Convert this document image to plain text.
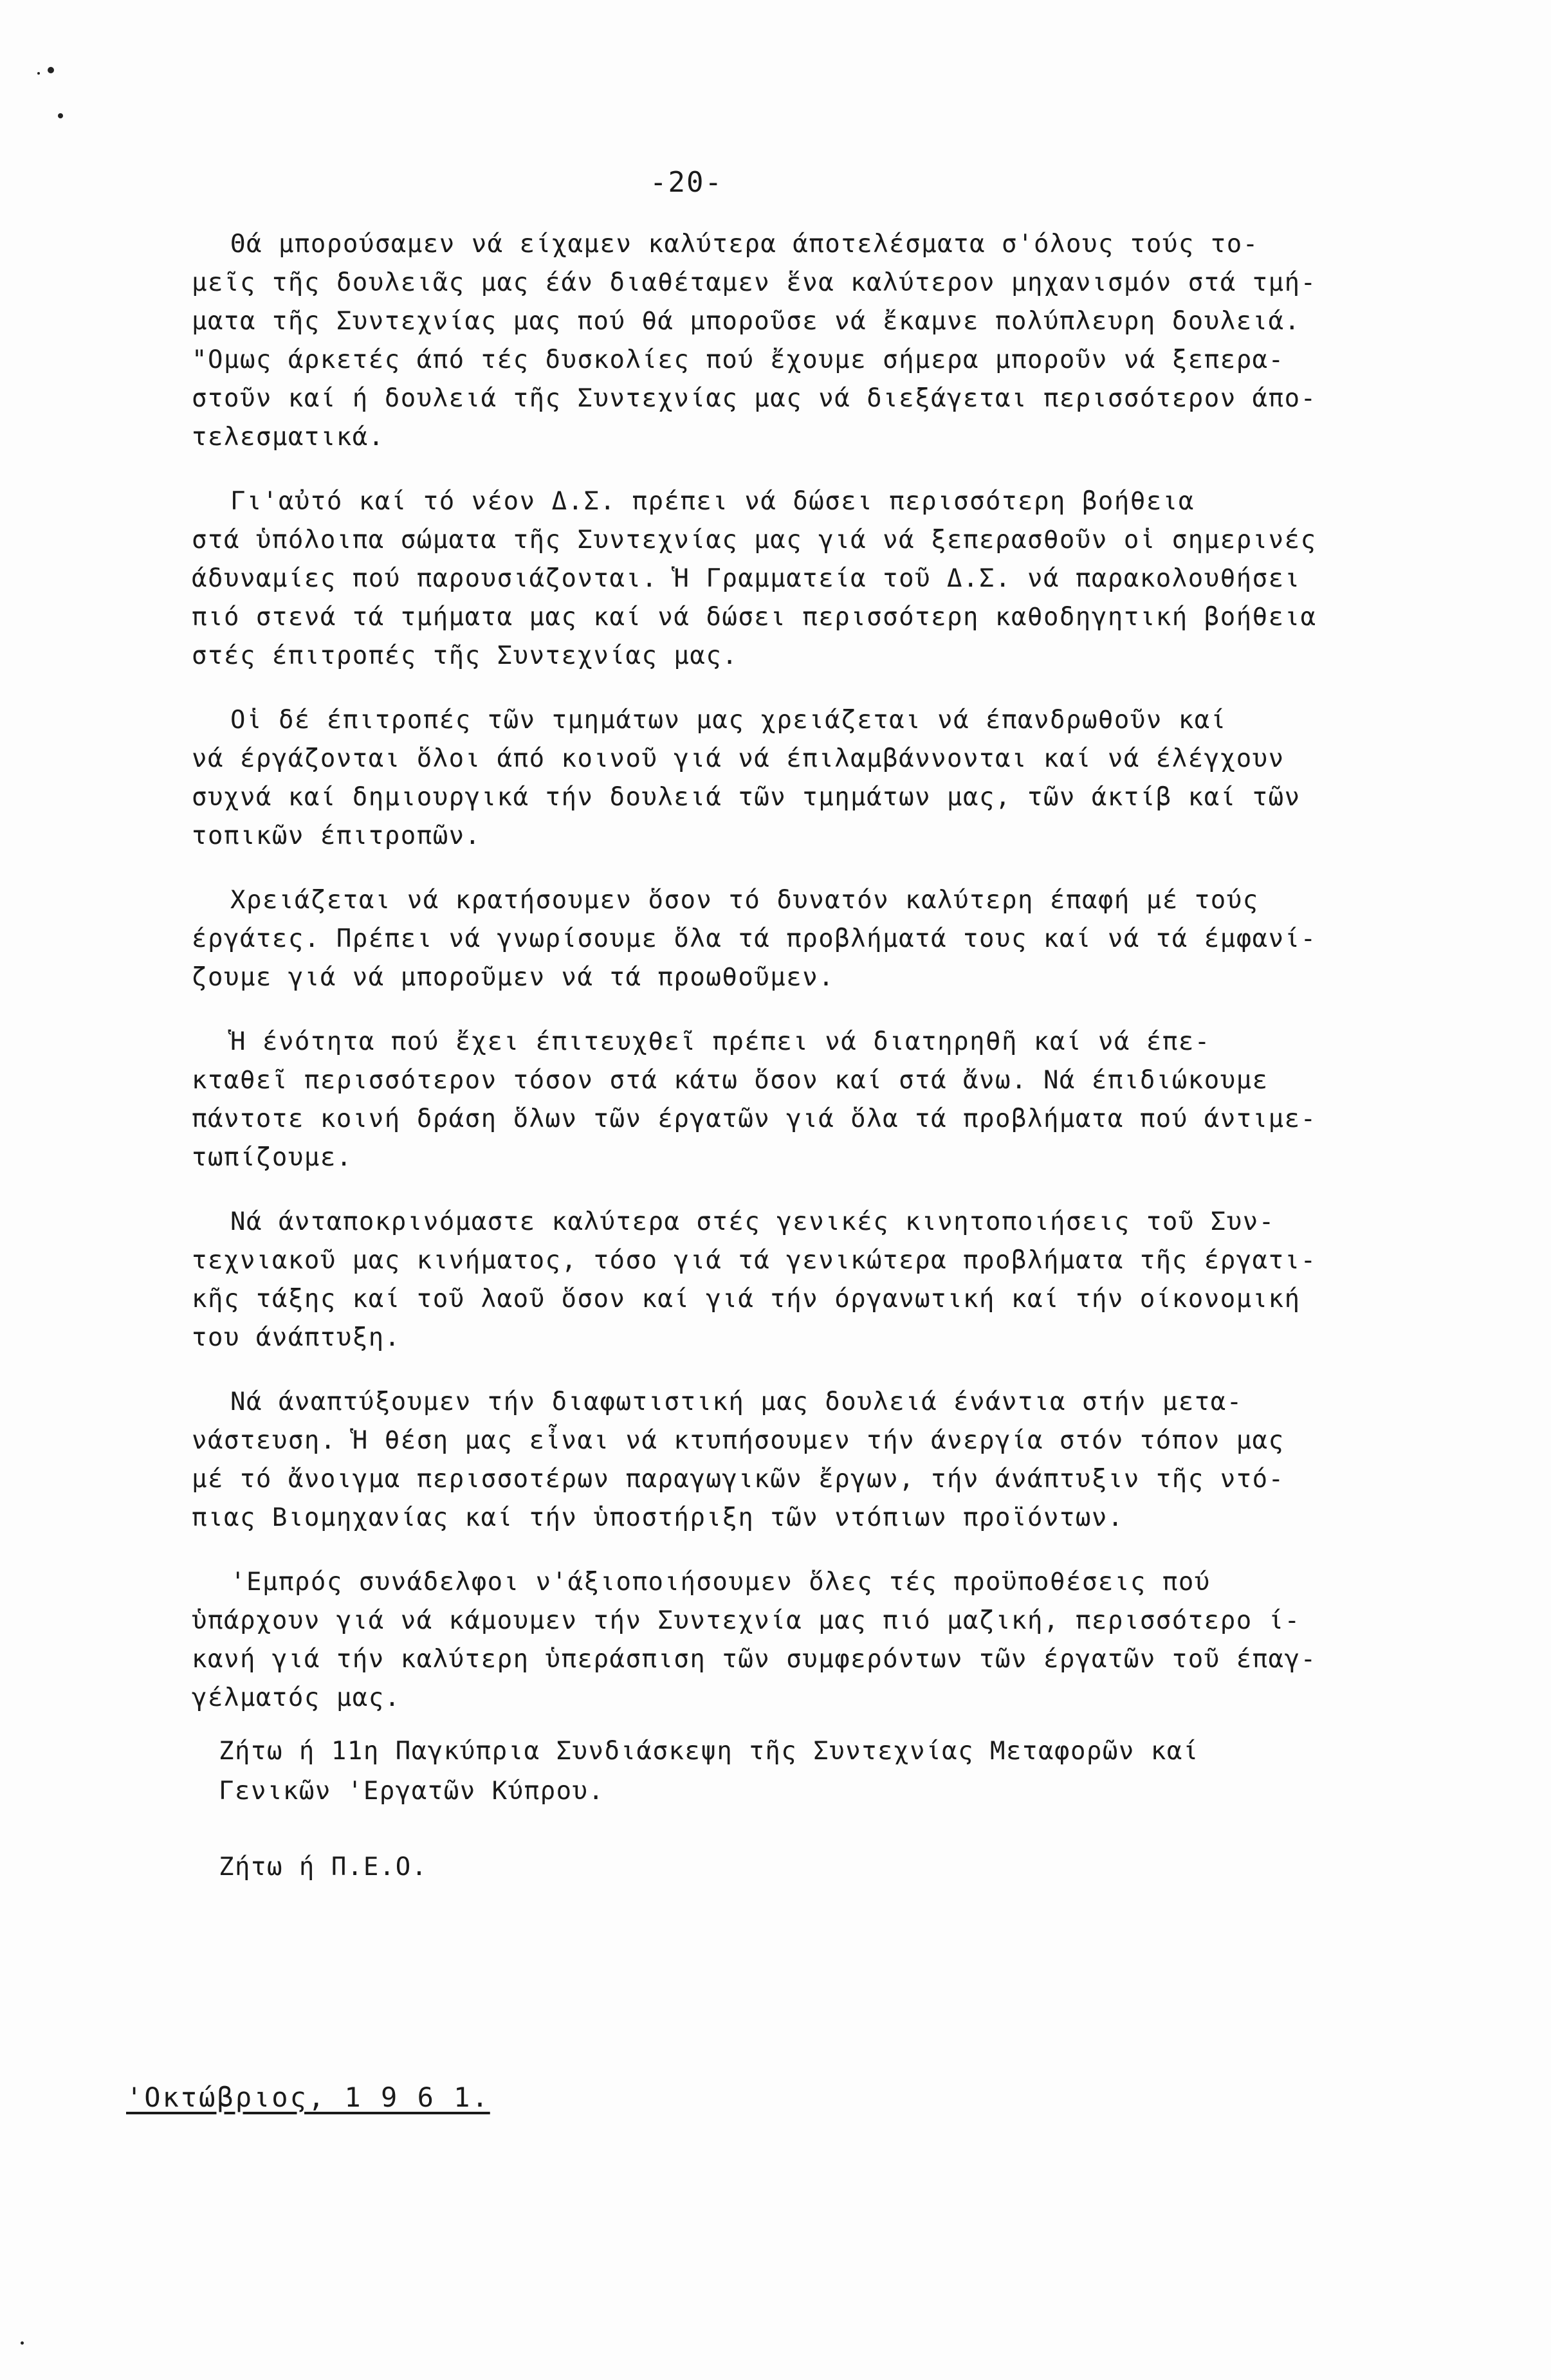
-20-

Θά μπορούσαμεν νά είχαμεν καλύτερα άποτελέσματα σ'όλους τούς το-
μεῖς τῆς δουλειᾶς μας έάν διαθέταμεν ἕνα καλύτερον μηχανισμόν στά τμή-
ματα τῆς Συντεχνίας μας πού θά μποροῦσε νά ἔκαμνε πολύπλευρη δουλειά.
"Ομως άρκετές άπό τές δυσκολίες πού ἔχουμε σήμερα μποροῦν νά ξεπερα-
στοῦν καί ή δουλειά τῆς Συντεχνίας μας νά διεξάγεται περισσότερον άπο-
τελεσματικά.

Γι'αὐτό καί τό νέον Δ.Σ. πρέπει νά δώσει περισσότερη βοήθεια
στά ὑπόλοιπα σώματα τῆς Συντεχνίας μας γιά νά ξεπερασθοῦν οἱ σημερινές
άδυναμίες πού παρουσιάζονται. Ἡ Γραμματεία τοῦ Δ.Σ. νά παρακολουθήσει
πιό στενά τά τμήματα μας καί νά δώσει περισσότερη καθοδηγητική βοήθεια
στές έπιτροπές τῆς Συντεχνίας μας.

Οἱ δέ έπιτροπές τῶν τμημάτων μας χρειάζεται νά έπανδρωθοῦν καί
νά έργάζονται ὅλοι άπό κοινοῦ γιά νά έπιλαμβάννονται καί νά έλέγχουν
συχνά καί δημιουργικά τήν δουλειά τῶν τμημάτων μας, τῶν άκτίβ καί τῶν
τοπικῶν έπιτροπῶν.

Χρειάζεται νά κρατήσουμεν ὅσον τό δυνατόν καλύτερη έπαφή μέ τούς
έργάτες. Πρέπει νά γνωρίσουμε ὅλα τά προβλήματά τους καί νά τά έμφανί-
ζουμε γιά νά μποροῦμεν νά τά προωθοῦμεν.

Ἡ ένότητα πού ἔχει έπιτευχθεῖ πρέπει νά διατηρηθῆ καί νά έπε-
κταθεῖ περισσότερον τόσον στά κάτω ὅσον καί στά ἄνω. Νά έπιδιώκουμε
πάντοτε κοινή δράση ὅλων τῶν έργατῶν γιά ὅλα τά προβλήματα πού άντιμε-
τωπίζουμε.

Νά άνταποκρινόμαστε καλύτερα στές γενικές κινητοποιήσεις τοῦ Συν-
τεχνιακοῦ μας κινήματος, τόσο γιά τά γενικώτερα προβλήματα τῆς έργατι-
κῆς τάξης καί τοῦ λαοῦ ὅσον καί γιά τήν όργανωτική καί τήν οίκονομική
του άνάπτυξη.

Νά άναπτύξουμεν τήν διαφωτιστική μας δουλειά ένάντια στήν μετα-
νάστευση. Ἡ θέση μας εἶναι νά κτυπήσουμεν τήν άνεργία στόν τόπον μας
μέ τό ἄνοιγμα περισσοτέρων παραγωγικῶν ἔργων, τήν άνάπτυξιν τῆς ντό-
πιας Βιομηχανίας καί τήν ὑποστήριξη τῶν ντόπιων προϊόντων.

'Εμπρός συνάδελφοι ν'άξιοποιήσουμεν ὅλες τές προϋποθέσεις πού
ὑπάρχουν γιά νά κάμουμεν τήν Συντεχνία μας πιό μαζική, περισσότερο ί-
κανή γιά τήν καλύτερη ὑπεράσπιση τῶν συμφερόντων τῶν έργατῶν τοῦ έπαγ-
γέλματός μας.

Ζήτω ή 11η Παγκύπρια Συνδιάσκεψη τῆς Συντεχνίας Μεταφορῶν καί
Γενικῶν 'Εργατῶν Κύπρου.
Ζήτω ή Π.Ε.Ο.
'Οκτώβριος, 1 9 6 1.
